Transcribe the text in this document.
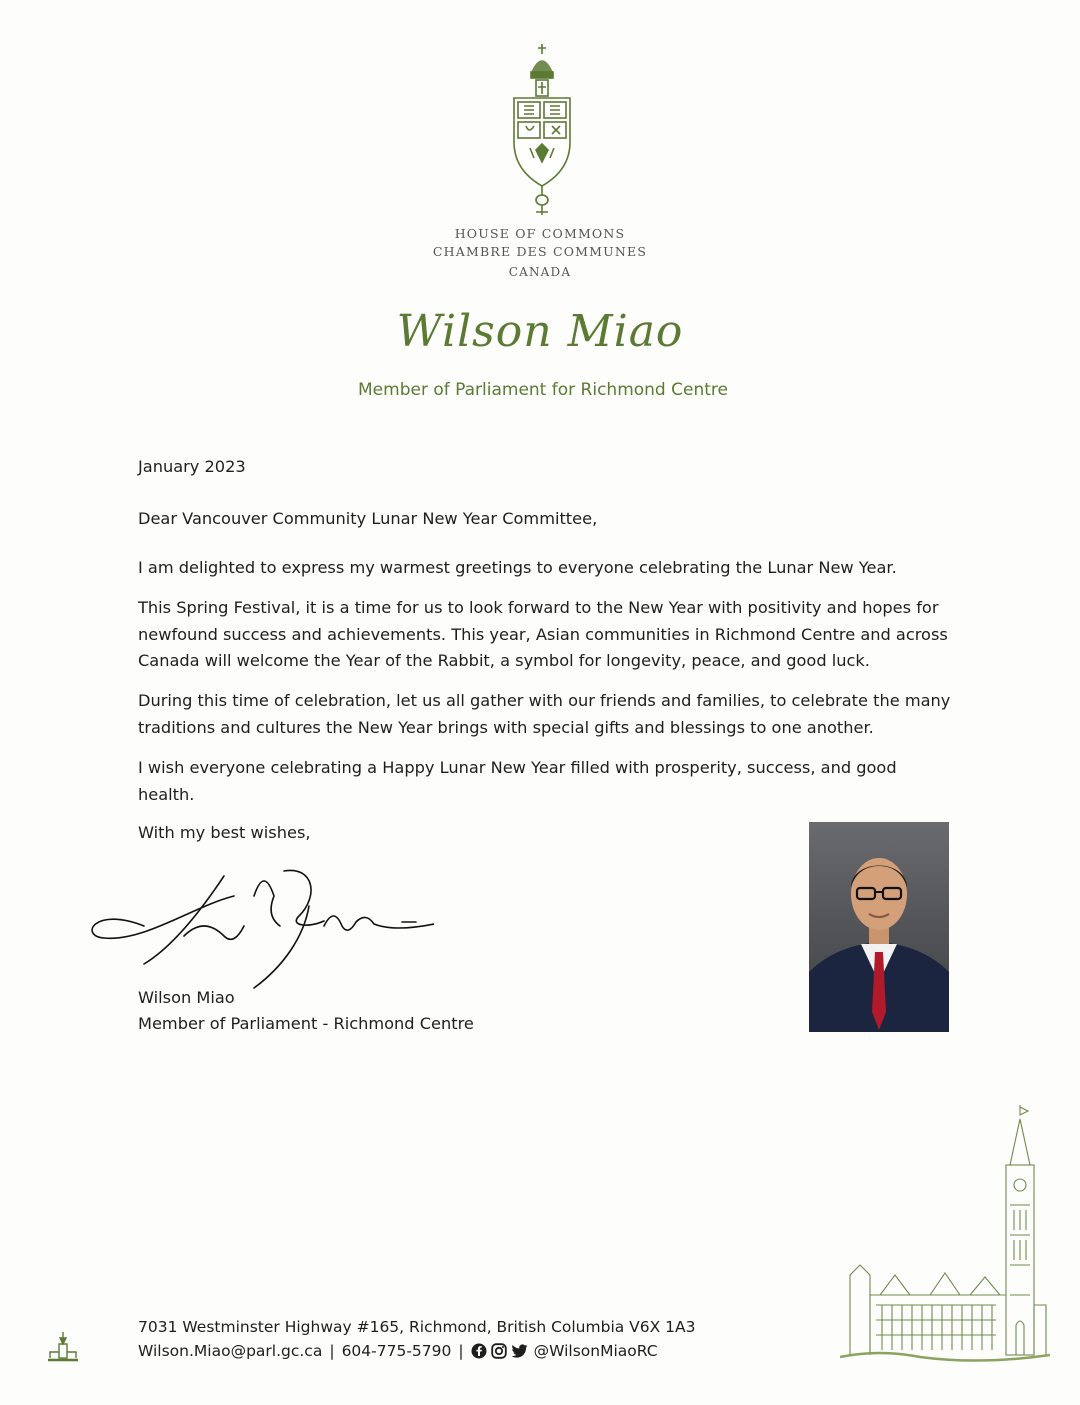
HOUSE OF COMMONS
CHAMBRE DES COMMUNES
CANADA
Wilson Miao
Member of Parliament for Richmond Centre
January 2023
Dear Vancouver Community Lunar New Year Committee,
I am delighted to express my warmest greetings to everyone celebrating the Lunar New Year.
This Spring Festival, it is a time for us to look forward to the New Year with positivity and hopes for newfound success and achievements. This year, Asian communities in Richmond Centre and across Canada will welcome the Year of the Rabbit, a symbol for longevity, peace, and good luck.
During this time of celebration, let us all gather with our friends and families, to celebrate the many traditions and cultures the New Year brings with special gifts and blessings to one another.
I wish everyone celebrating a Happy Lunar New Year filled with prosperity, success, and good health.
With my best wishes,
Wilson Miao
Member of Parliament - Richmond Centre
7031 Westminster Highway #165, Richmond, British Columbia V6X 1A3
Wilson.Miao@parl.gc.ca | 604-775-5790 |	@WilsonMiaoRC
